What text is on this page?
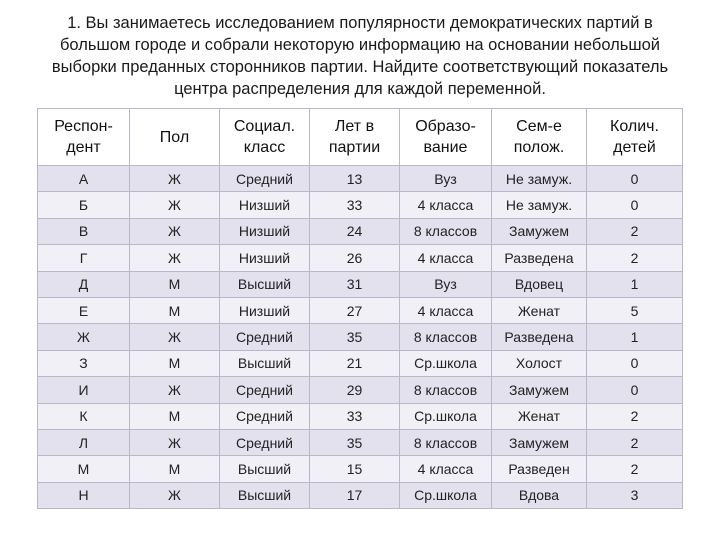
1. Вы занимаетесь исследованием популярности демократических партий в большом городе и собрали некоторую информацию на основании небольшой выборки преданных сторонников партии. Найдите соответствующий показатель центра распределения для каждой переменной.
Респон-дент	Пол	Социал. класс	Лет в партии	Образо-вание	Сем-е полож.	Колич. детей
А	Ж	Средний	13	Вуз	Не замуж.	0
Б	Ж	Низший	33	4 класса	Не замуж.	0
В	Ж	Низший	24	8 классов	Замужем	2
Г	Ж	Низший	26	4 класса	Разведена	2
Д	М	Высший	31	Вуз	Вдовец	1
Е	М	Низший	27	4 класса	Женат	5
Ж	Ж	Средний	35	8 классов	Разведена	1
З	М	Высший	21	Ср.школа	Холост	0
И	Ж	Средний	29	8 классов	Замужем	0
К	М	Средний	33	Ср.школа	Женат	2
Л	Ж	Средний	35	8 классов	Замужем	2
М	М	Высший	15	4 класса	Разведен	2
Н	Ж	Высший	17	Ср.школа	Вдова	3
